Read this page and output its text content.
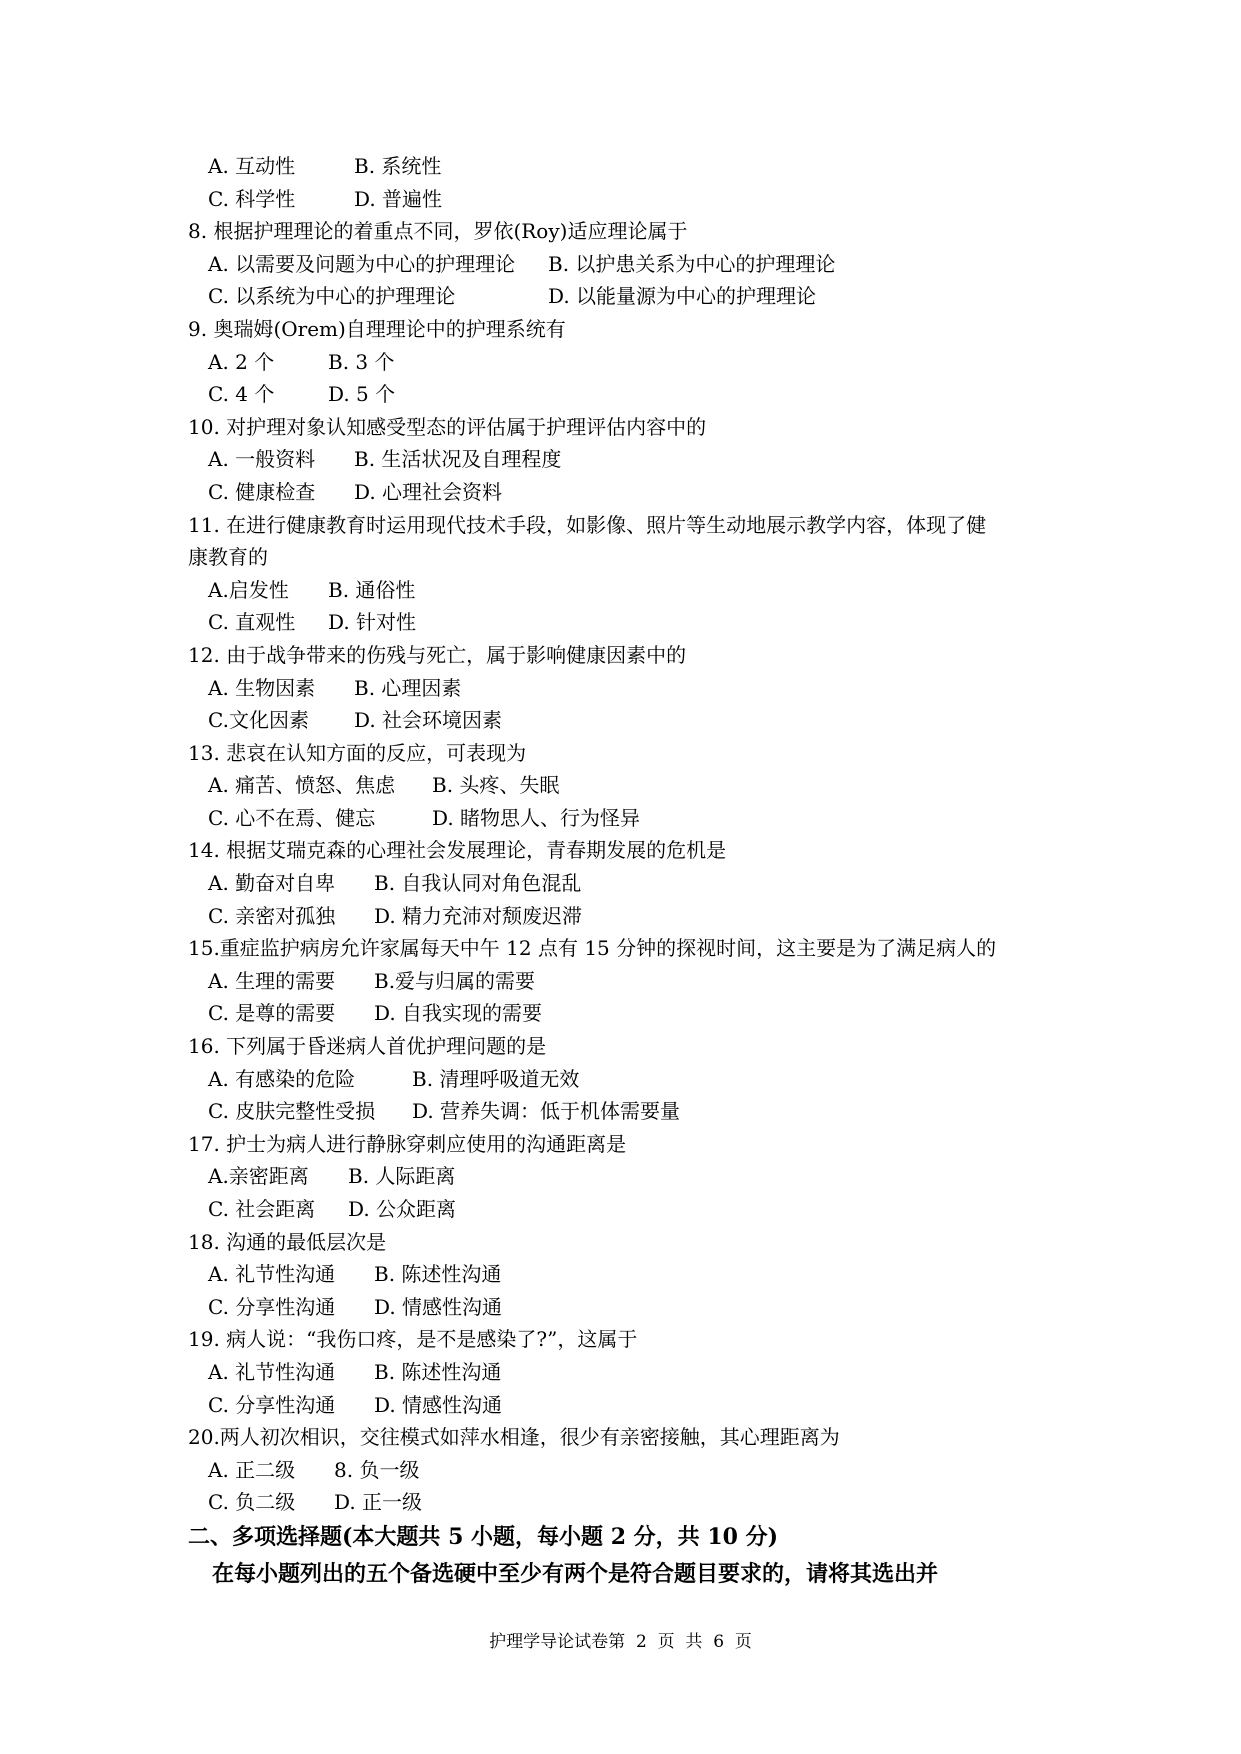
A. 互动性	B. 系统性
C. 科学性	D. 普遍性
8. 根据护理理论的着重点不同，罗依(Roy)适应理论属于
A. 以需要及问题为中心的护理理论	B. 以护患关系为中心的护理理论
C. 以系统为中心的护理理论	D. 以能量源为中心的护理理论
9. 奥瑞姆(Orem)自理理论中的护理系统有
A. 2 个	B. 3 个
C. 4 个	D. 5 个
10. 对护理对象认知感受型态的评估属于护理评估内容中的
A. 一般资料	B. 生活状况及自理程度
C. 健康检查	D. 心理社会资料
11. 在进行健康教育时运用现代技术手段，如影像、照片等生动地展示教学内容，体现了健
康教育的
A.启发性	B. 通俗性
C. 直观性	D. 针对性
12. 由于战争带来的伤残与死亡，属于影响健康因素中的
A. 生物因素	B. 心理因素
C.文化因素	D. 社会环境因素
13. 悲哀在认知方面的反应，可表现为
A. 痛苦、愤怒、焦虑	B. 头疼、失眠
C. 心不在焉、健忘	D. 睹物思人、行为怪异
14. 根据艾瑞克森的心理社会发展理论，青春期发展的危机是
A. 勤奋对自卑	B. 自我认同对角色混乱
C. 亲密对孤独	D. 精力充沛对颓废迟滞
15.重症监护病房允许家属每天中午 12 点有 15 分钟的探视时间，这主要是为了满足病人的
A. 生理的需要	B.爱与归属的需要
C. 是尊的需要	D. 自我实现的需要
16. 下列属于昏迷病人首优护理问题的是
A. 有感染的危险	B. 清理呼吸道无效
C. 皮肤完整性受损	D. 营养失调：低于机体需要量
17. 护士为病人进行静脉穿刺应使用的沟通距离是
A.亲密距离	B. 人际距离
C. 社会距离	D. 公众距离
18. 沟通的最低层次是
A. 礼节性沟通	B. 陈述性沟通
C. 分享性沟通	D. 情感性沟通
19. 病人说：“我伤口疼，是不是感染了?”，这属于
A. 礼节性沟通	B. 陈述性沟通
C. 分享性沟通	D. 情感性沟通
20.两人初次相识，交往模式如萍水相逢，很少有亲密接触，其心理距离为
A. 正二级	8. 负一级
C. 负二级	D. 正一级
二、多项选择题(本大题共 5 小题，每小题 2 分，共 10 分)
在每小题列出的五个备选硬中至少有两个是符合题目要求的，请将其选出并
护理学导论试卷第  2  页  共  6  页
